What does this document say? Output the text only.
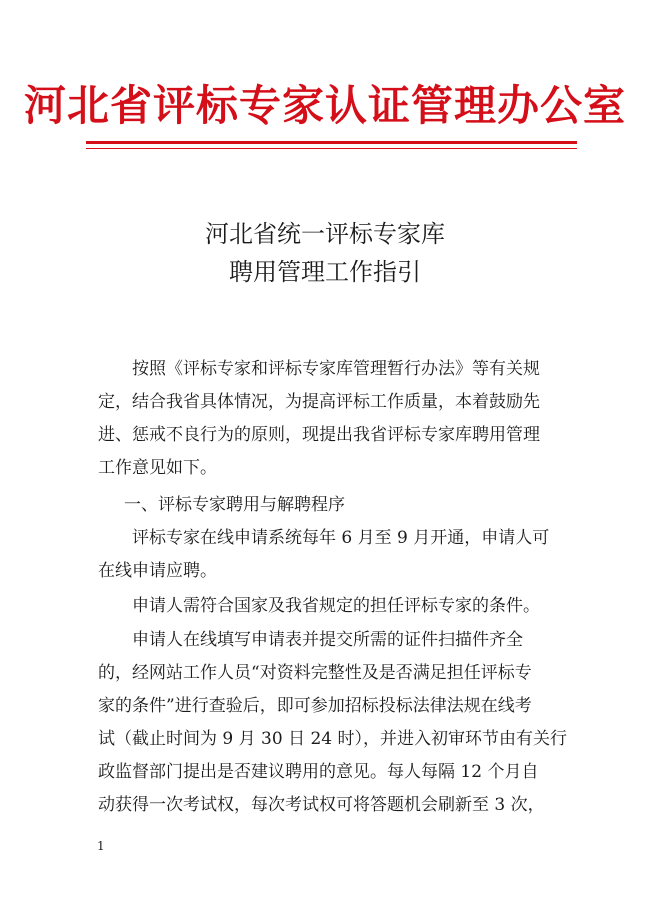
河北省评标专家认证管理办公室
河北省统一评标专家库
聘用管理工作指引
　　按照《评标专家和评标专家库管理暂行办法》等有关规
定，结合我省具体情况，为提高评标工作质量，本着鼓励先
进、惩戒不良行为的原则，现提出我省评标专家库聘用管理
工作意见如下。
一、评标专家聘用与解聘程序
　　评标专家在线申请系统每年 6 月至 9 月开通，申请人可
在线申请应聘。
　　申请人需符合国家及我省规定的担任评标专家的条件。
　　申请人在线填写申请表并提交所需的证件扫描件齐全
的，经网站工作人员“对资料完整性及是否满足担任评标专
家的条件”进行查验后，即可参加招标投标法律法规在线考
试（截止时间为 9 月 30 日 24 时），并进入初审环节由有关行
政监督部门提出是否建议聘用的意见。每人每隔 12 个月自
动获得一次考试权，每次考试权可将答题机会刷新至 3 次，
1
